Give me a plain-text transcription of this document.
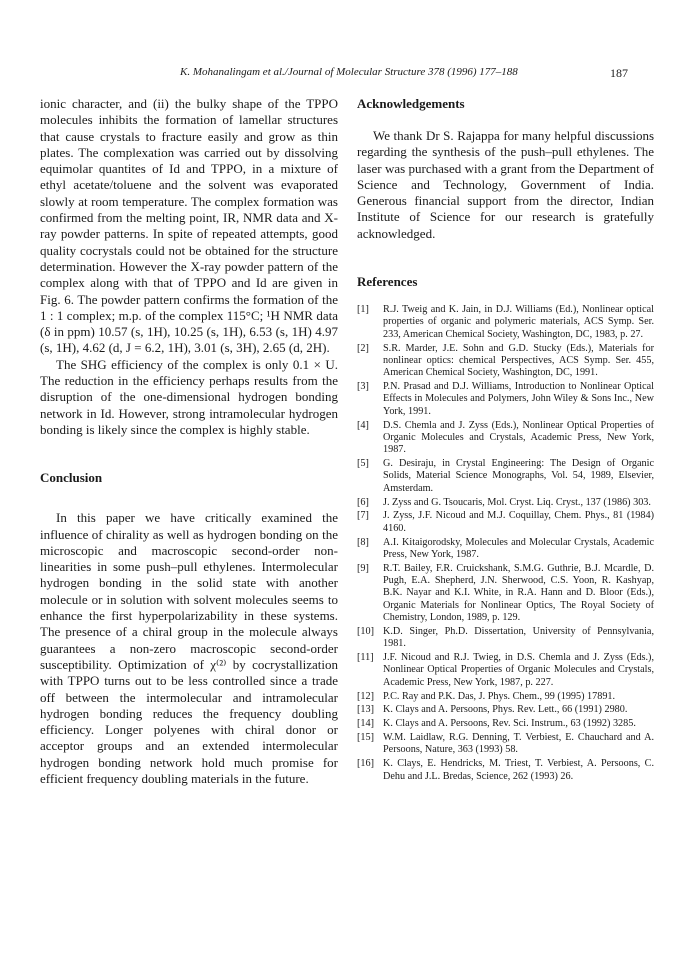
K. Mohanalingam et al./Journal of Molecular Structure 378 (1996) 177–188	187

ionic character, and (ii) the bulky shape of the TPPO molecules inhibits the formation of lamellar structures that cause crystals to fracture easily and grow as thin plates. The complexation was carried out by dissolving equimolar quantites of Id and TPPO, in a mixture of ethyl acetate/toluene and the solvent was evaporated slowly at room temperature. The complex formation was confirmed from the melting point, IR, NMR data and X-ray powder patterns. In spite of repeated attempts, good quality cocrystals could not be obtained for the structure determination. However the X-ray powder pattern of the complex along with that of TPPO and Id are given in Fig. 6. The powder pattern confirms the formation of the 1 : 1 complex; m.p. of the complex 115°C; ¹H NMR data (δ in ppm) 10.57 (s, 1H), 10.25 (s, 1H), 6.53 (s, 1H) 4.97 (s, 1H), 4.62 (d, J = 6.2, 1H), 3.01 (s, 3H), 2.65 (d, 2H).

The SHG efficiency of the complex is only 0.1 × U. The reduction in the efficiency perhaps results from the disruption of the one-dimensional hydrogen bonding network in Id. However, strong intramolecular hydrogen bonding is likely since the complex is highly stable.

Conclusion

In this paper we have critically examined the influence of chirality as well as hydrogen bonding on the microscopic and macroscopic second-order non-linearities in some push–pull ethylenes. Intermolecular hydrogen bonding in the solid state with another molecule or in solution with solvent molecules seems to enhance the first hyperpolarizability in these systems. The presence of a chiral group in the molecule always guarantees a non-zero macroscopic second-order susceptibility. Optimization of χ⁽²⁾ by cocrystallization with TPPO turns out to be less controlled since a trade off between the intermolecular and intramolecular hydrogen bonding reduces the frequency doubling efficiency. Longer polyenes with chiral donor or acceptor groups and an extended intermolecular hydrogen bonding network hold much promise for efficient frequency doubling materials in the future.

Acknowledgements

We thank Dr S. Rajappa for many helpful discussions regarding the synthesis of the push–pull ethylenes. The laser was purchased with a grant from the Department of Science and Technology, Government of India. Generous financial support from the director, Indian Institute of Science for our research is gratefully acknowledged.

References
[1]	R.J. Tweig and K. Jain, in D.J. Williams (Ed.), Nonlinear optical properties of organic and polymeric materials, ACS Symp. Ser. 233, American Chemical Society, Washington, DC, 1983, p. 27.
[2]	S.R. Marder, J.E. Sohn and G.D. Stucky (Eds.), Materials for nonlinear optics: chemical Perspectives, ACS Symp. Ser. 455, American Chemical Society, Washington, DC, 1991.
[3]	P.N. Prasad and D.J. Williams, Introduction to Nonlinear Optical Effects in Molecules and Polymers, John Wiley & Sons Inc., New York, 1991.
[4]	D.S. Chemla and J. Zyss (Eds.), Nonlinear Optical Properties of Organic Molecules and Crystals, Academic Press, New York, 1987.
[5]	G. Desiraju, in Crystal Engineering: The Design of Organic Solids, Material Science Monographs, Vol. 54, 1989, Elsevier, Amsterdam.
[6]	J. Zyss and G. Tsoucaris, Mol. Cryst. Liq. Cryst., 137 (1986) 303.
[7]	J. Zyss, J.F. Nicoud and M.J. Coquillay, Chem. Phys., 81 (1984) 4160.
[8]	A.I. Kitaigorodsky, Molecules and Molecular Crystals, Academic Press, New York, 1987.
[9]	R.T. Bailey, F.R. Cruickshank, S.M.G. Guthrie, B.J. Mcardle, D. Pugh, E.A. Shepherd, J.N. Sherwood, C.S. Yoon, R. Kashyap, B.K. Nayar and K.I. White, in R.A. Hann and D. Bloor (Eds.), Organic Materials for Nonlinear Optics, The Royal Society of Chemistry, London, 1989, p. 129.
[10] K.D. Singer, Ph.D. Dissertation, University of Pennsylvania, 1981.
[11] J.F. Nicoud and R.J. Twieg, in D.S. Chemla and J. Zyss (Eds.), Nonlinear Optical Properties of Organic Molecules and Crystals, Academic Press, New York, 1987, p. 227.
[12] P.C. Ray and P.K. Das, J. Phys. Chem., 99 (1995) 17891.
[13] K. Clays and A. Persoons, Phys. Rev. Lett., 66 (1991) 2980.
[14] K. Clays and A. Persoons, Rev. Sci. Instrum., 63 (1992) 3285.
[15] W.M. Laidlaw, R.G. Denning, T. Verbiest, E. Chauchard and A. Persoons, Nature, 363 (1993) 58.
[16] K. Clays, E. Hendricks, M. Triest, T. Verbiest, A. Persoons, C. Dehu and J.L. Bredas, Science, 262 (1993) 26.
